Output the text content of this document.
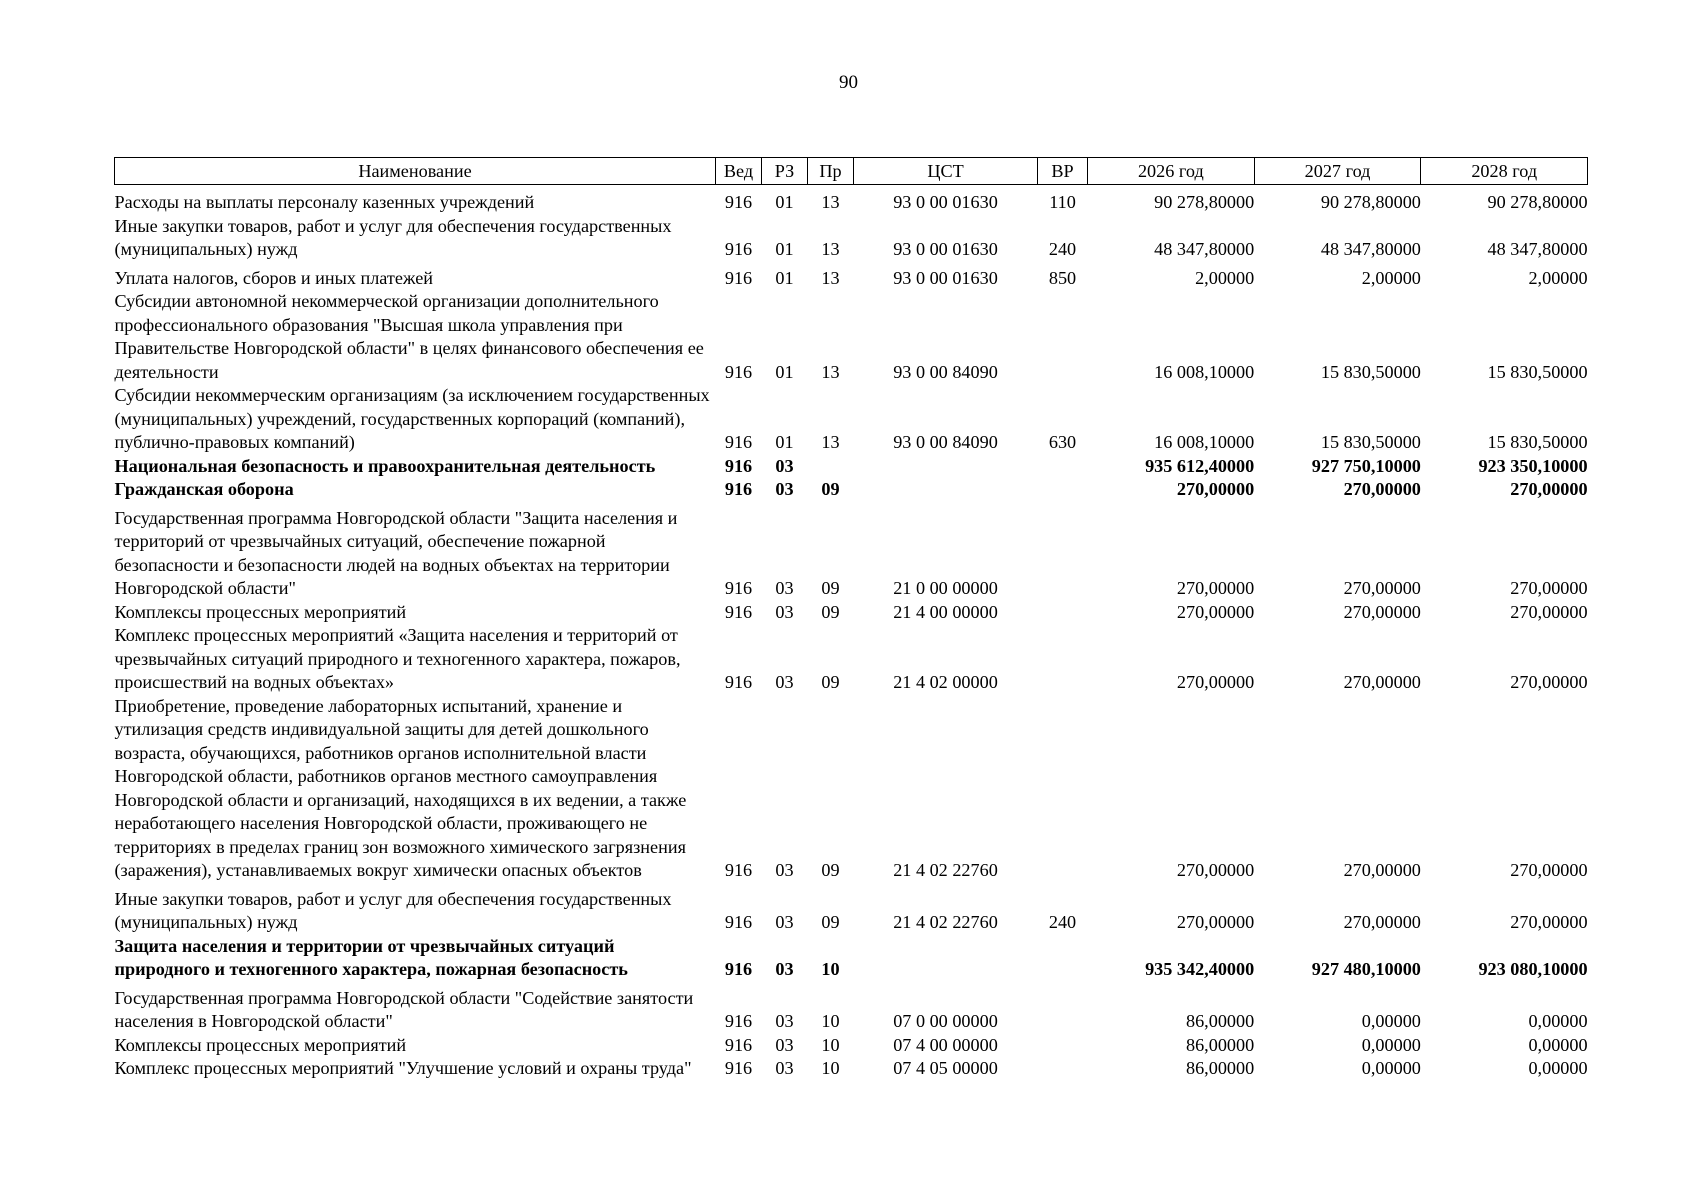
90
Наименование	Вед	РЗ	Пр	ЦСТ	ВР	2026 год	2027 год	2028 год
Расходы на выплаты персоналу казенных учреждений	916	01	13	93 0 00 01630	110	90 278,80000	90 278,80000	90 278,80000
Иные закупки товаров, работ и услуг для обеспечения государственных (муниципальных) нужд	916	01	13	93 0 00 01630	240	48 347,80000	48 347,80000	48 347,80000
Уплата налогов, сборов и иных платежей	916	01	13	93 0 00 01630	850	2,00000	2,00000	2,00000
Субсидии автономной некоммерческой организации дополнительного профессионального образования "Высшая школа управления при Правительстве Новгородской области" в целях финансового обеспечения ее деятельности	916	01	13	93 0 00 84090		16 008,10000	15 830,50000	15 830,50000
Субсидии некоммерческим организациям (за исключением государственных (муниципальных) учреждений, государственных корпораций (компаний), публично-правовых компаний)	916	01	13	93 0 00 84090	630	16 008,10000	15 830,50000	15 830,50000
Национальная безопасность и правоохранительная деятельность	916	03				935 612,40000	927 750,10000	923 350,10000
Гражданская оборона	916	03	09			270,00000	270,00000	270,00000
Государственная программа Новгородской области "Защита населения и территорий от чрезвычайных ситуаций, обеспечение пожарной безопасности и безопасности людей на водных объектах на территории Новгородской области"	916	03	09	21 0 00 00000		270,00000	270,00000	270,00000
Комплексы процессных мероприятий	916	03	09	21 4 00 00000		270,00000	270,00000	270,00000
Комплекс процессных мероприятий «Защита населения и территорий от чрезвычайных ситуаций природного и техногенного характера, пожаров, происшествий на водных объектах»	916	03	09	21 4 02 00000		270,00000	270,00000	270,00000
Приобретение, проведение лабораторных испытаний, хранение и утилизация средств индивидуальной защиты для детей дошкольного возраста, обучающихся, работников органов исполнительной власти Новгородской области, работников органов местного самоуправления Новгородской области и организаций, находящихся в их ведении, а также неработающего населения Новгородской области, проживающего не территориях в пределах границ зон возможного химического загрязнения (заражения), устанавливаемых вокруг химически опасных объектов	916	03	09	21 4 02 22760		270,00000	270,00000	270,00000
Иные закупки товаров, работ и услуг для обеспечения государственных (муниципальных) нужд	916	03	09	21 4 02 22760	240	270,00000	270,00000	270,00000
Защита населения и территории от чрезвычайных ситуаций природного и техногенного характера, пожарная безопасность	916	03	10			935 342,40000	927 480,10000	923 080,10000
Государственная программа Новгородской области "Содействие занятости населения в Новгородской области"	916	03	10	07 0 00 00000		86,00000	0,00000	0,00000
Комплексы процессных мероприятий	916	03	10	07 4 00 00000		86,00000	0,00000	0,00000
Комплекс процессных мероприятий "Улучшение условий и охраны труда"	916	03	10	07 4 05 00000		86,00000	0,00000	0,00000
